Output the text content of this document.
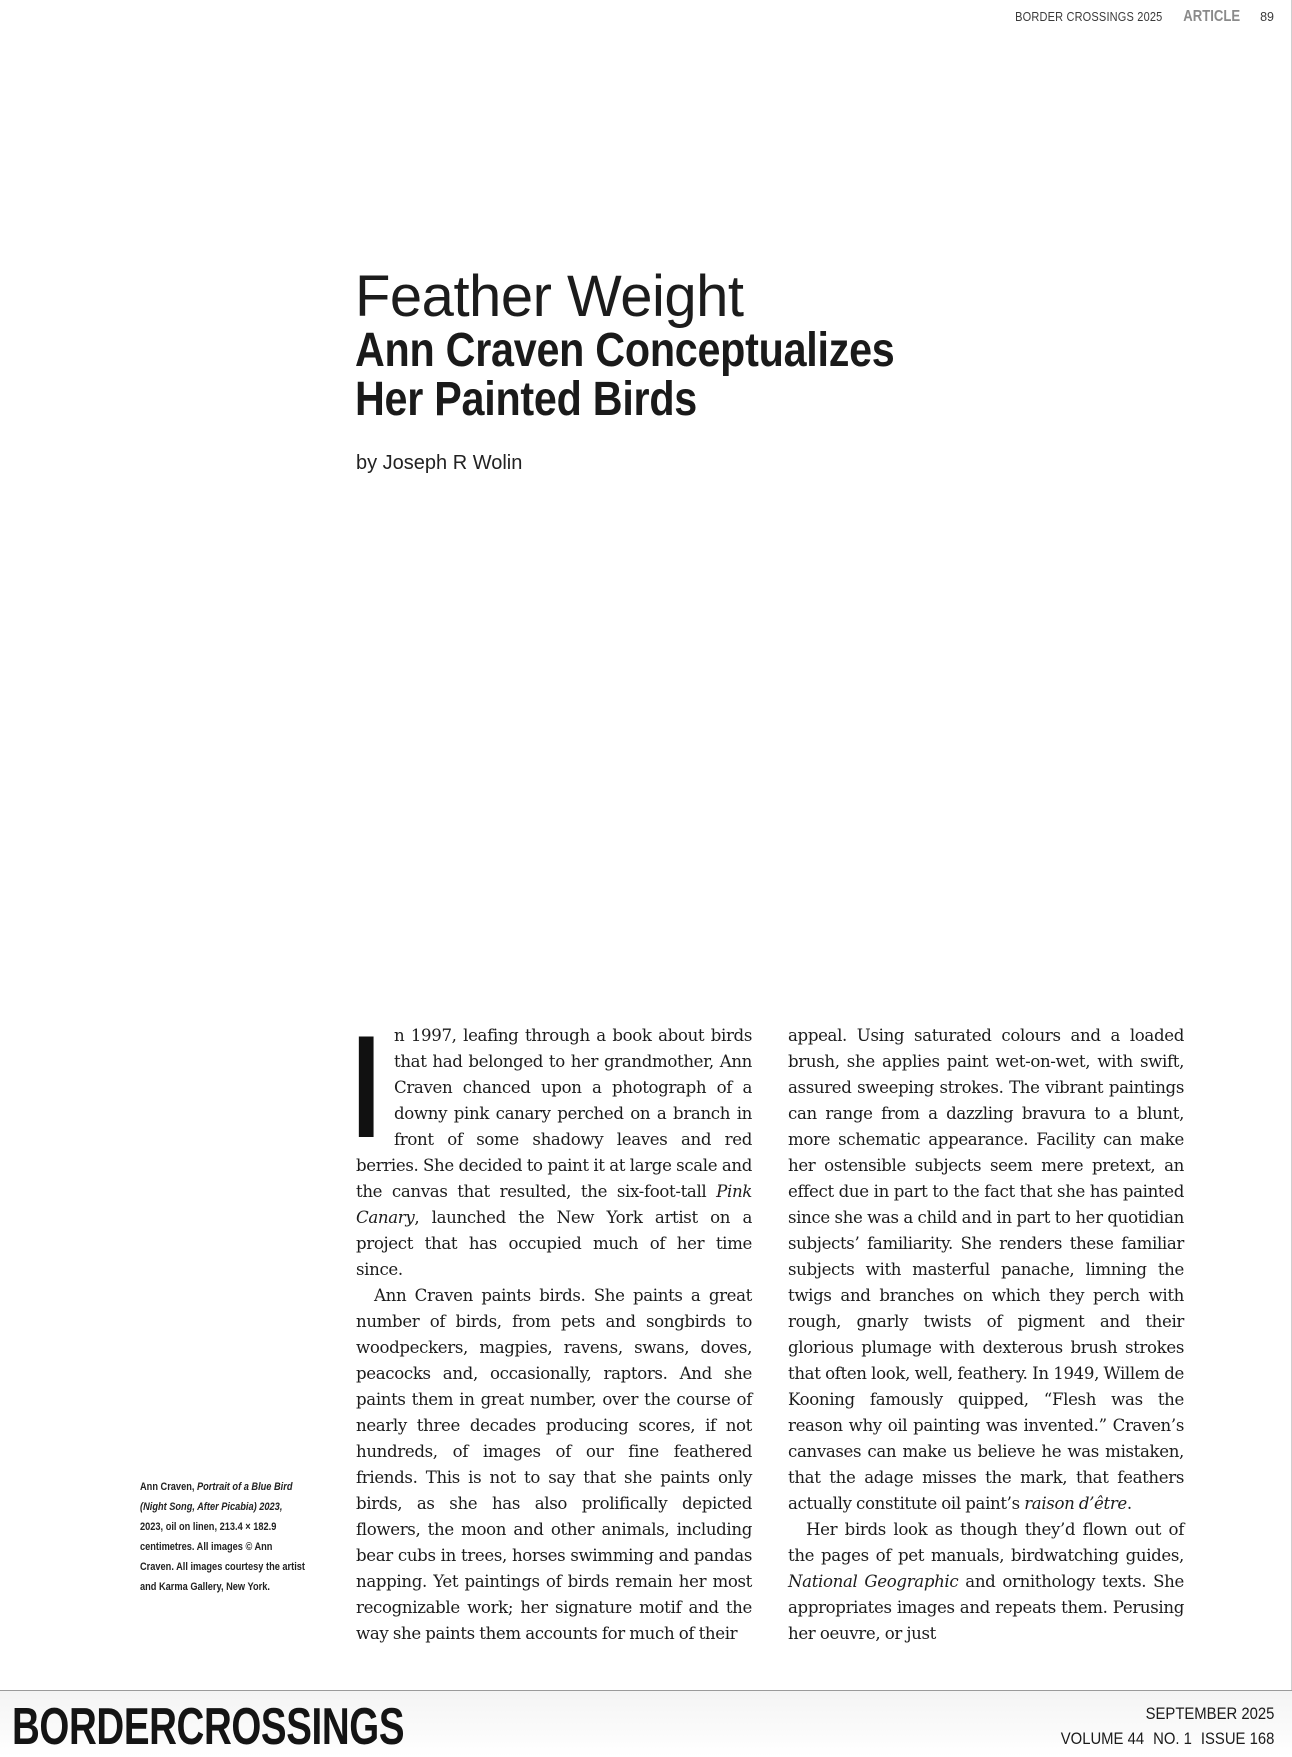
BORDER CROSSINGS 2025 ARTICLE 89
Feather Weight
Ann Craven Conceptualizes Her Painted Birds
by Joseph R Wolin
Ann Craven, Portrait of a Blue Bird (Night Song, After Picabia) 2023, 2023, oil on linen, 213.4 × 182.9 centimetres. All images © Ann Craven. All images courtesy the artist and Karma Gallery, New York.

In 1997, leafing through a book about birds that had belonged to her grandmother, Ann Craven chanced upon a photograph of a downy pink canary perched on a branch in front of some shadowy leaves and red berries. She decided to paint it at large scale and the canvas that resulted, the six-foot-tall Pink Canary, launched the New York artist on a project that has occupied much of her time since.

Ann Craven paints birds. She paints a great number of birds, from pets and songbirds to woodpeckers, magpies, ravens, swans, doves, peacocks and, occasionally, raptors. And she paints them in great number, over the course of nearly three decades producing scores, if not hundreds, of images of our fine feathered friends. This is not to say that she paints only birds, as she has also prolifically depicted flowers, the moon and other animals, including bear cubs in trees, horses swimming and pandas napping. Yet paintings of birds remain her most recognizable work; her signature motif and the way she paints them accounts for much of their

appeal. Using saturated colours and a loaded brush, she applies paint wet-on-wet, with swift, assured sweeping strokes. The vibrant paintings can range from a dazzling bravura to a blunt, more schematic appearance. Facility can make her ostensible subjects seem mere pretext, an effect due in part to the fact that she has painted since she was a child and in part to her quotidian subjects’ familiarity. She renders these familiar subjects with masterful panache, limning the twigs and branches on which they perch with rough, gnarly twists of pigment and their glorious plumage with dexterous brush strokes that often look, well, feathery. In 1949, Willem de Kooning famously quipped, “Flesh was the reason why oil painting was invented.” Craven’s canvases can make us believe he was mistaken, that the adage misses the mark, that feathers actually constitute oil paint’s raison d’être.

Her birds look as though they’d flown out of the pages of pet manuals, birdwatching guides, National Geographic and ornithology texts. She appropriates images and repeats them. Perusing her oeuvre, or just

BORDERCROSSINGS	SEPTEMBER 2025
VOLUME 44 NO. 1 ISSUE 168
